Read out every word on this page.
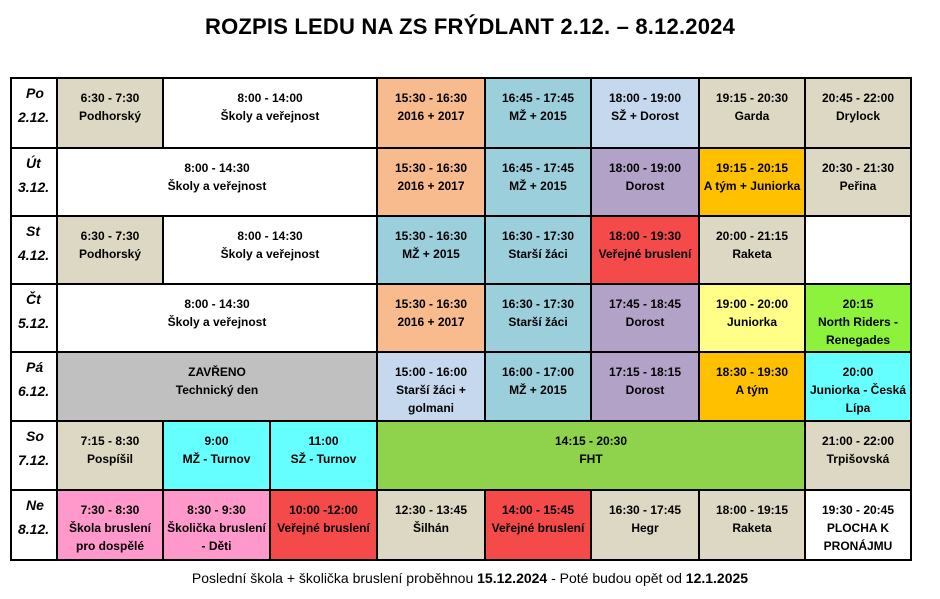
ROZPIS LEDU NA ZS FRÝDLANT 2.12. – 8.12.2024
Po
2.12.
Út
3.12.
St
4.12.
Čt
5.12.
Pá
6.12.
So
7.12.
Ne
8.12.
6:30 - 7:30
Podhorský
8:00 - 14:00
Školy a veřejnost
15:30 - 16:30
2016 + 2017
16:45 - 17:45
MŽ + 2015
18:00 - 19:00
SŽ + Dorost
19:15 - 20:30
Garda
20:45 - 22:00
Drylock
8:00 - 14:30
Školy a veřejnost
15:30 - 16:30
2016 + 2017
16:45 - 17:45
MŽ + 2015
18:00 - 19:00
Dorost
19:15 - 20:15
A tým + Juniorka
20:30 - 21:30
Peřina
6:30 - 7:30
Podhorský
8:00 - 14:30
Školy a veřejnost
15:30 - 16:30
MŽ + 2015
16:30 - 17:30
Starší žáci
18:00 - 19:30
Veřejné bruslení
20:00 - 21:15
Raketa
8:00 - 14:30
Školy a veřejnost
15:30 - 16:30
2016 + 2017
16:30 - 17:30
Starší žáci
17:45 - 18:45
Dorost
19:00 - 20:00
Juniorka
20:15
North Riders - Renegades
ZAVŘENO
Technický den
15:00 - 16:00
Starší žáci + golmani
16:00 - 17:00
MŽ + 2015
17:15 - 18:15
Dorost
18:30 - 19:30
A tým
20:00
Juniorka - Česká Lípa
7:15 - 8:30
Pospíšil
9:00
MŽ - Turnov
11:00
SŽ - Turnov
14:15 - 20:30
FHT
21:00 - 22:00
Trpišovská
7:30 - 8:30
Škola bruslení pro dospělé
8:30 - 9:30
Školička bruslení - Děti
10:00 -12:00
Veřejné bruslení
12:30 - 13:45
Šilhán
14:00 - 15:45
Veřejné bruslení
16:30 - 17:45
Hegr
18:00 - 19:15
Raketa
19:30 - 20:45
PLOCHA K PRONÁJMU
Poslední škola + školička bruslení proběhnou 15.12.2024 - Poté budou opět od 12.1.2025
